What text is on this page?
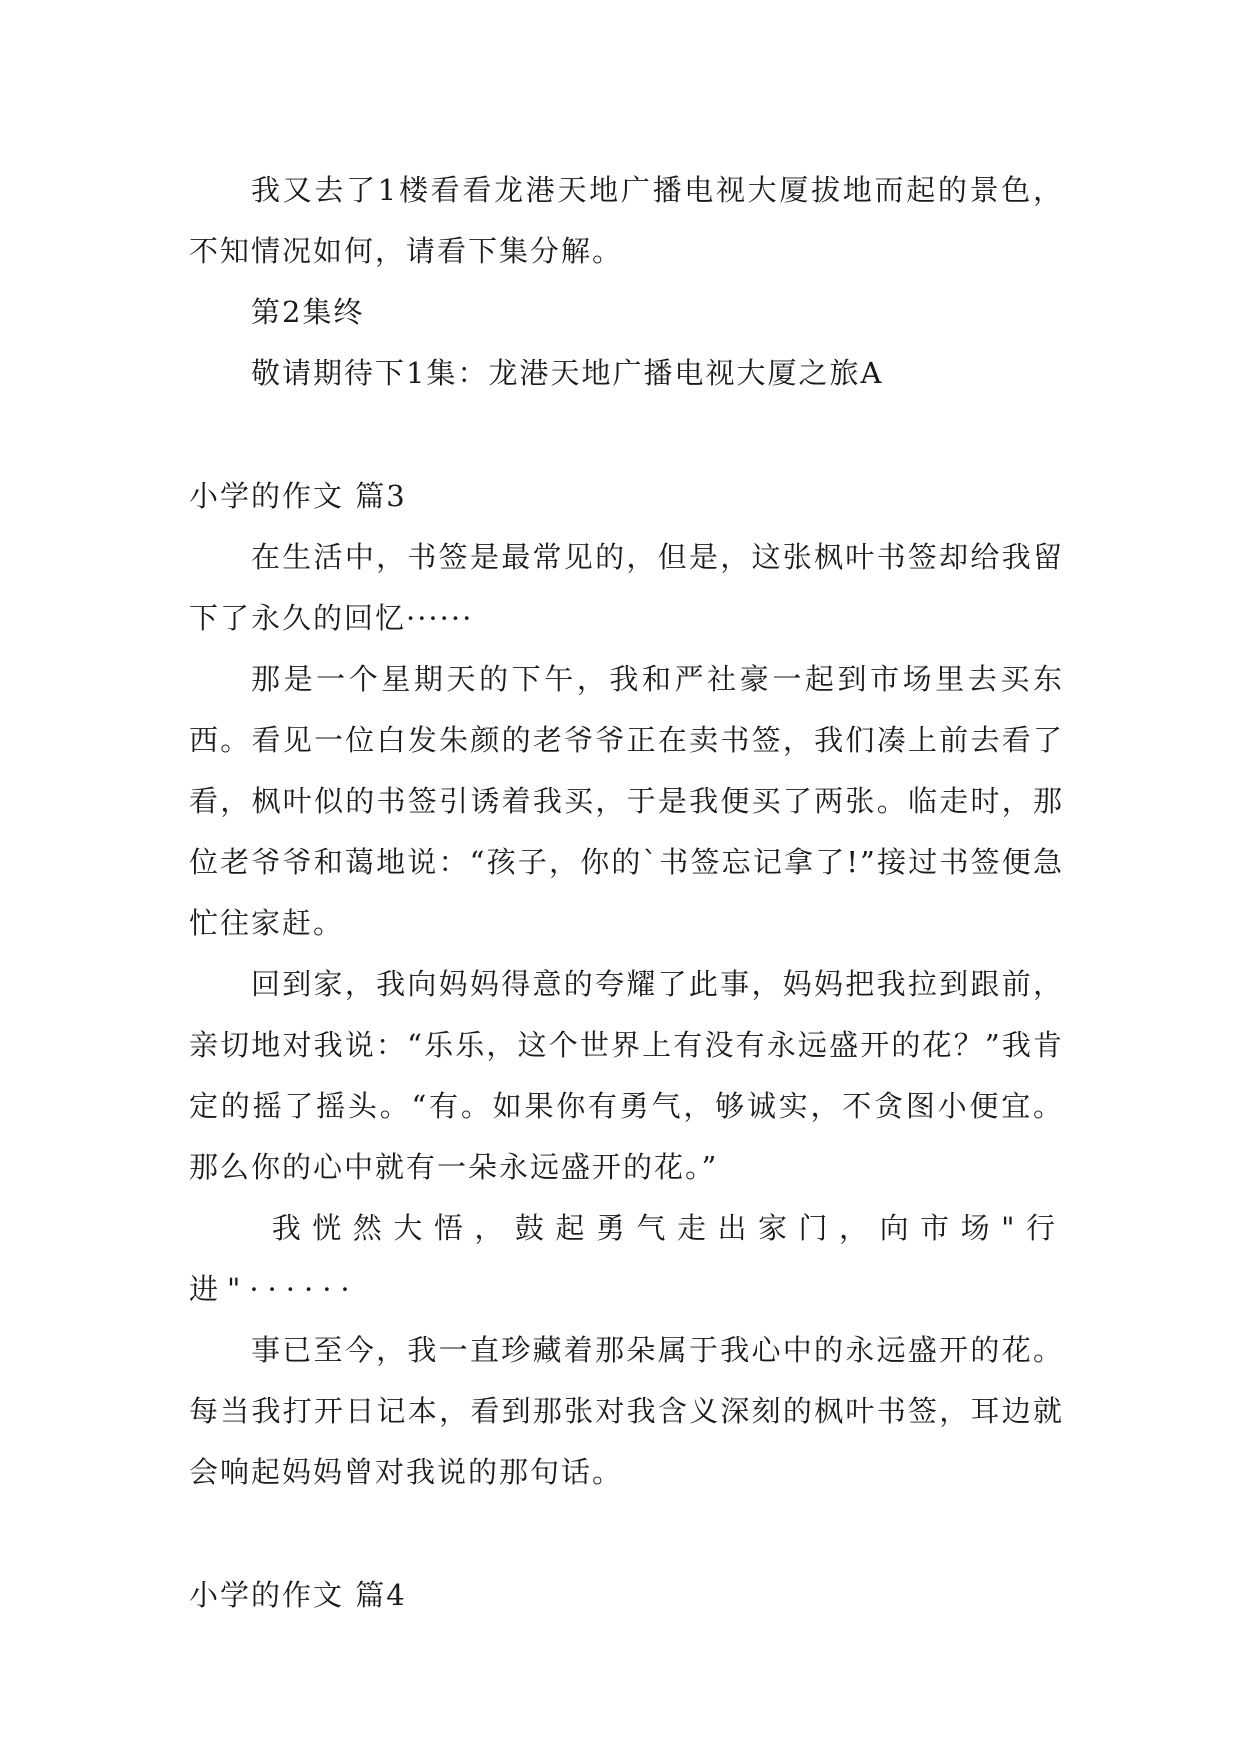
我又去了1楼看看龙港天地广播电视大厦拔地而起的景色，不知情况如何，请看下集分解。

第2集终

敬请期待下1集：龙港天地广播电视大厦之旅A

小学的作文 篇3

在生活中，书签是最常见的，但是，这张枫叶书签却给我留下了永久的回忆······

那是一个星期天的下午，我和严社豪一起到市场里去买东西。看见一位白发朱颜的老爷爷正在卖书签，我们凑上前去看了看，枫叶似的书签引诱着我买，于是我便买了两张。临走时，那位老爷爷和蔼地说：“孩子，你的`书签忘记拿了!”接过书签便急忙往家赶。

回到家，我向妈妈得意的夸耀了此事，妈妈把我拉到跟前，亲切地对我说：“乐乐，这个世界上有没有永远盛开的花？”我肯定的摇了摇头。“有。如果你有勇气，够诚实，不贪图小便宜。那么你的心中就有一朵永远盛开的花。”

我恍然大悟，鼓起勇气走出家门，向市场"行进"······

事已至今，我一直珍藏着那朵属于我心中的永远盛开的花。每当我打开日记本，看到那张对我含义深刻的枫叶书签，耳边就会响起妈妈曾对我说的那句话。

小学的作文 篇4
